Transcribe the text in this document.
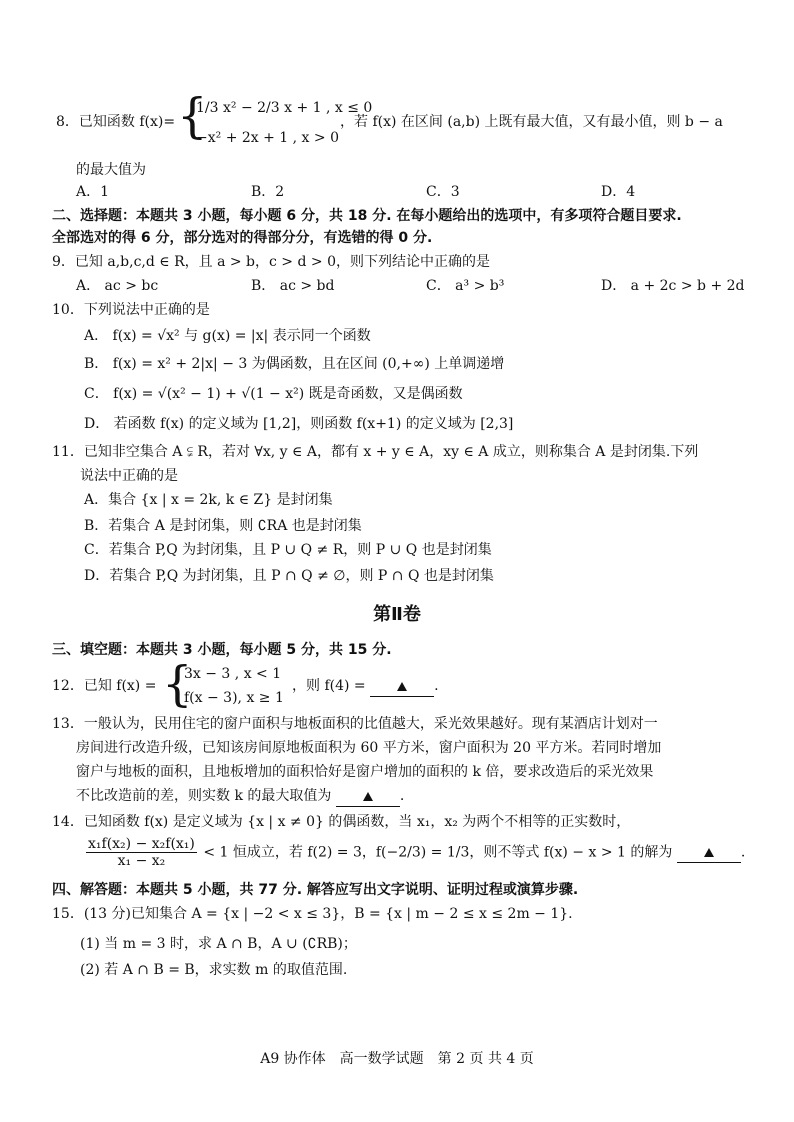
8．已知函数 f(x)= {
1/3 x² − 2/3 x + 1 , x ≤ 0
−x² + 2x + 1 , x > 0
，若 f(x) 在区间 (a,b) 上既有最大值，又有最小值，则 b − a
的最大值为
A．1	B．2	C．3	D．4
二、选择题：本题共 3 小题，每小题 6 分，共 18 分. 在每小题给出的选项中，有多项符合题目要求.
全部选对的得 6 分，部分选对的得部分分，有选错的得 0 分.
9．已知 a,b,c,d ∈ R，且 a > b，c > d > 0，则下列结论中正确的是
A． ac > bc	B． ac > bd	C． a³ > b³	D． a + 2c > b + 2d
10．下列说法中正确的是
A． f(x) = √x² 与 g(x) = |x| 表示同一个函数
B． f(x) = x² + 2|x| − 3 为偶函数，且在区间 (0,+∞) 上单调递增
C． f(x) = √(x² − 1) + √(1 − x²) 既是奇函数，又是偶函数
D． 若函数 f(x) 的定义域为 [1,2]，则函数 f(x+1) 的定义域为 [2,3]
11．已知非空集合 A ⫋ R，若对 ∀x, y ∈ A，都有 x + y ∈ A，xy ∈ A 成立，则称集合 A 是封闭集.下列
说法中正确的是
A．集合 {x | x = 2k, k ∈ Z} 是封闭集
B．若集合 A 是封闭集，则 ∁RA 也是封闭集
C．若集合 P,Q 为封闭集，且 P ∪ Q ≠ R，则 P ∪ Q 也是封闭集
D．若集合 P,Q 为封闭集，且 P ∩ Q ≠ ∅，则 P ∩ Q 也是封闭集
第Ⅱ卷
三、填空题：本题共 3 小题，每小题 5 分，共 15 分.
12．已知 f(x) = {
3x − 3 , x < 1
f(x − 3), x ≥ 1
，则 f(4) =	.
13．一般认为，民用住宅的窗户面积与地板面积的比值越大，采光效果越好。现有某酒店计划对一
房间进行改造升级，已知该房间原地板面积为 60 平方米，窗户面积为 20 平方米。若同时增加
窗户与地板的面积，且地板增加的面积恰好是窗户增加的面积的 k 倍，要求改造后的采光效果
不比改造前的差，则实数 k 的最大取值为	.
14．已知函数 f(x) 是定义域为 {x | x ≠ 0} 的偶函数，当 x₁，x₂ 为两个不相等的正实数时，
$\frac{\text{x₁f(x₂) − x₂f(x₁)}}{\text{x₁ − x₂}} < 1$ 恒成立，若 f(2) = 3，f(−2/3) = 1/3，则不等式 f(x) − x > 1 的解为	.
四、解答题：本题共 5 小题，共 77 分. 解答应写出文字说明、证明过程或演算步骤.
15．(13 分)已知集合 A = {x | −2 < x ≤ 3}，B = {x | m − 2 ≤ x ≤ 2m − 1}.
(1) 当 m = 3 时，求 A ∩ B，A ∪ (∁RB)；
(2) 若 A ∩ B = B，求实数 m 的取值范围.
A9 协作体　高一数学试题　第 2 页 共 4 页
